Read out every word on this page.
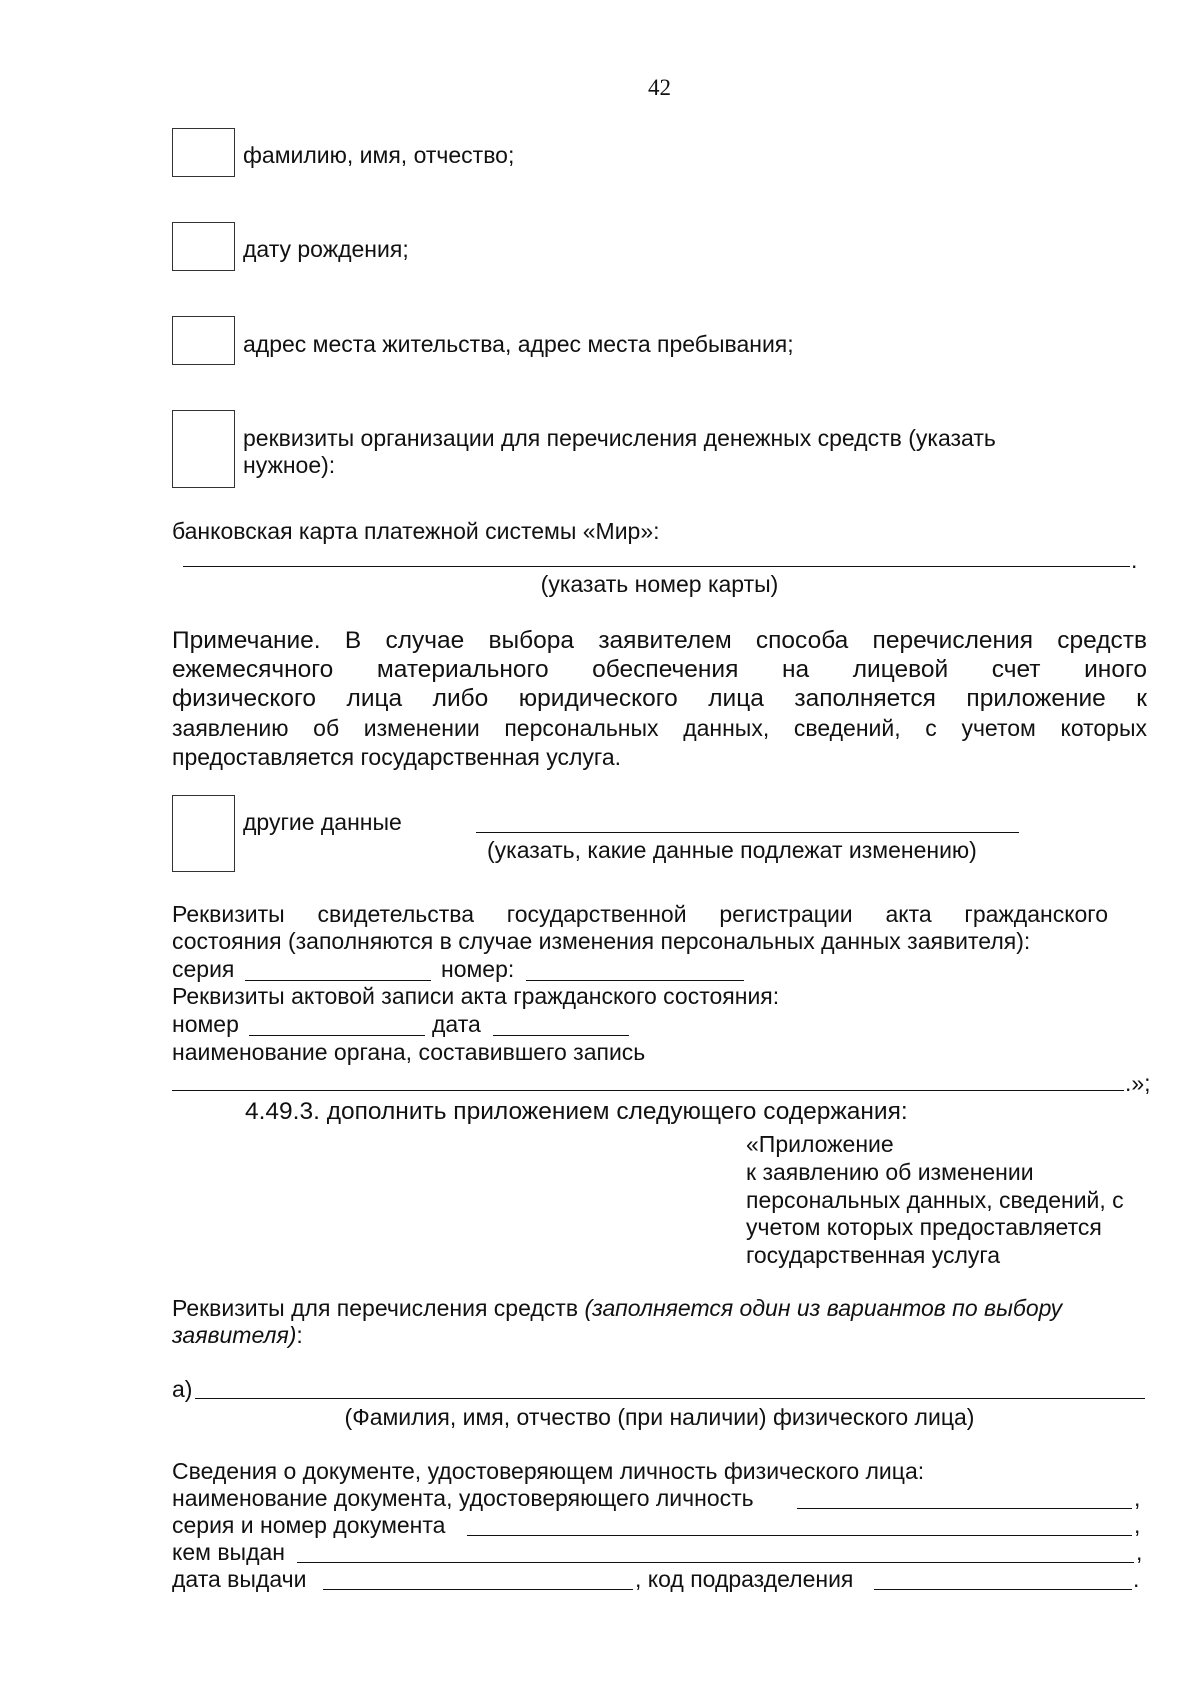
42
фамилию, имя, отчество;
дату рождения;
адрес места жительства, адрес места пребывания;
реквизиты организации для перечисления денежных средств (указать
нужное):
банковская карта платежной системы «Мир»:
.
(указать номер карты)
Примечание. В случае выбора заявителем способа перечисления средств
ежемесячного материального обеспечения на лицевой счет иного
физического лица либо юридического лица заполняется приложение к
заявлению об изменении персональных данных, сведений, с учетом которых
предоставляется государственная услуга.
другие данные
(указать, какие данные подлежат изменению)
Реквизиты свидетельства государственной регистрации акта гражданского
состояния (заполняются в случае изменения персональных данных заявителя):
серия	номер:
Реквизиты актовой записи акта гражданского состояния:
номер	дата
наименование органа, составившего запись
.»;
4.49.3. дополнить приложением следующего содержания:
«Приложение
к заявлению об изменении
персональных данных, сведений, с
учетом которых предоставляется
государственная услуга
Реквизиты для перечисления средств (заполняется один из вариантов по выбору
заявителя):
а)
(Фамилия, имя, отчество (при наличии) физического лица)
Сведения о документе, удостоверяющем личность физического лица:
наименование документа, удостоверяющего личность	,
серия и номер документа	,
кем выдан	,
дата выдачи	, код подразделения	.
